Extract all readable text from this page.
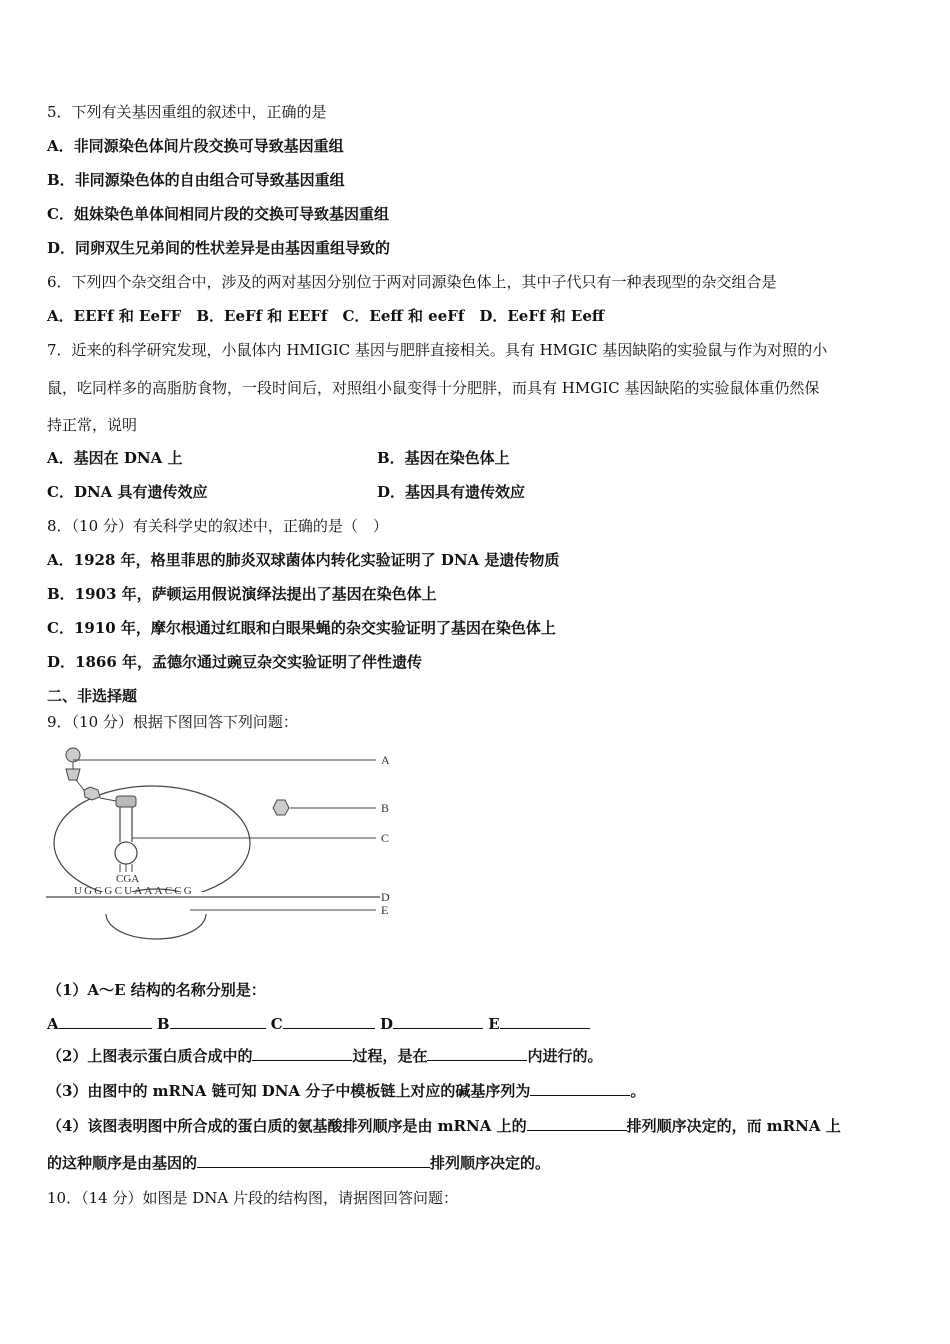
5．下列有关基因重组的叙述中，正确的是
A．非同源染色体间片段交换可导致基因重组
B．非同源染色体的自由组合可导致基因重组
C．姐妹染色单体间相同片段的交换可导致基因重组
D．同卵双生兄弟间的性状差异是由基因重组导致的
6．下列四个杂交组合中，涉及的两对基因分别位于两对同源染色体上，其中子代只有一种表现型的杂交组合是
A．EEFf 和 EeFF　B．EeFf 和 EEFf　C．Eeff 和 eeFf　D．EeFf 和 Eeff
7．近来的科学研究发现，小鼠体内 HMIGIC 基因与肥胖直接相关。具有 HMGIC 基因缺陷的实验鼠与作为对照的小
鼠，吃同样多的高脂肪食物，一段时间后，对照组小鼠变得十分肥胖，而具有 HMGIC 基因缺陷的实验鼠体重仍然保
持正常，说明
A．基因在 DNA 上	B．基因在染色体上
C．DNA 具有遗传效应	D．基因具有遗传效应
8．（10 分）有关科学史的叙述中，正确的是（　）
A．1928 年，格里菲思的肺炎双球菌体内转化实验证明了 DNA 是遗传物质
B．1903 年，萨顿运用假说演绎法提出了基因在染色体上
C．1910 年，摩尔根通过红眼和白眼果蝇的杂交实验证明了基因在染色体上
D．1866 年，孟德尔通过豌豆杂交实验证明了伴性遗传
二、非选择题
9．（10 分）根据下图回答下列问题：
UGGGCUAAACCG
CGA
A
B
C
D
E
（1）A～E 结构的名称分别是：
A	B	C	D	E
（2）上图表示蛋白质合成中的	过程，是在	内进行的。
（3）由图中的 mRNA 链可知 DNA 分子中模板链上对应的碱基序列为	。
（4）该图表明图中所合成的蛋白质的氨基酸排列顺序是由 mRNA 上的	排列顺序决定的，而 mRNA 上
的这种顺序是由基因的	排列顺序决定的。
10．（14 分）如图是 DNA 片段的结构图，请据图回答问题：
